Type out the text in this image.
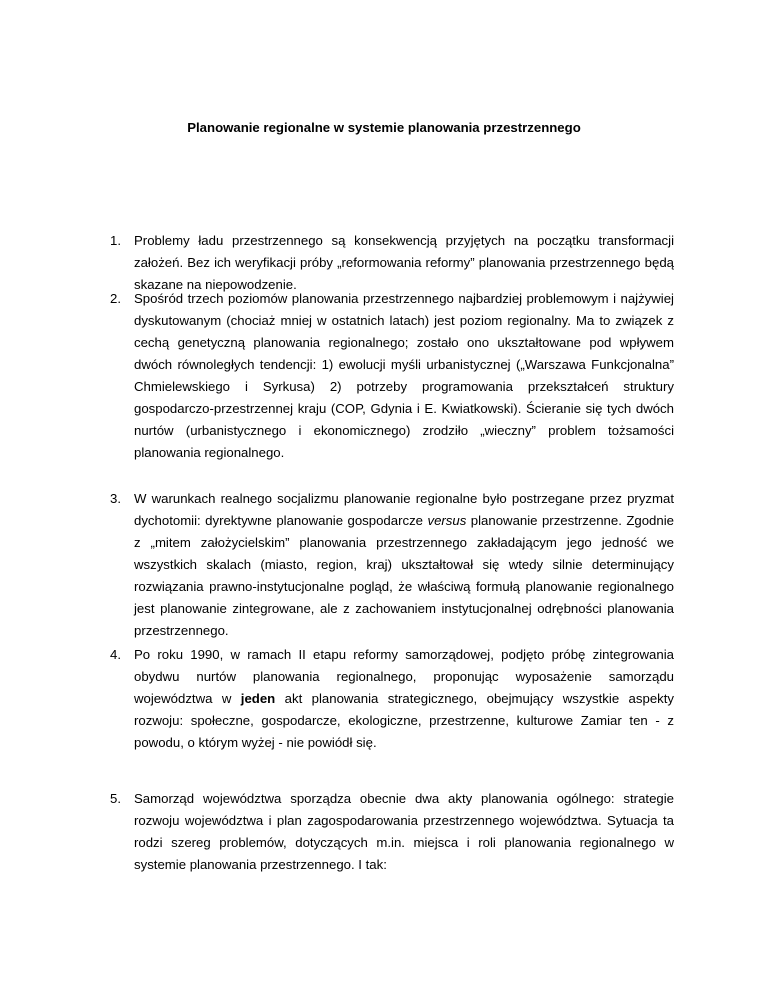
Planowanie regionalne w systemie planowania przestrzennego
1. Problemy ładu przestrzennego są konsekwencją przyjętych na początku transformacji założeń. Bez ich weryfikacji próby „reformowania reformy” planowania przestrzennego będą skazane na niepowodzenie.
2. Spośród trzech poziomów planowania przestrzennego najbardziej problemowym i najżywiej dyskutowanym (chociaż mniej w ostatnich latach) jest poziom regionalny. Ma to związek z cechą genetyczną planowania regionalnego; zostało ono ukształtowane pod wpływem dwóch równoległych tendencji: 1) ewolucji myśli urbanistycznej („Warszawa Funkcjonalna” Chmielewskiego i Syrkusa) 2) potrzeby programowania przekształceń struktury gospodarczo-przestrzennej kraju (COP, Gdynia i E. Kwiatkowski). Ścieranie się tych dwóch nurtów (urbanistycznego i ekonomicznego) zrodziło „wieczny” problem tożsamości planowania regionalnego.
3. W warunkach realnego socjalizmu planowanie regionalne było postrzegane przez pryzmat dychotomii: dyrektywne planowanie gospodarcze versus planowanie przestrzenne. Zgodnie z „mitem założycielskim” planowania przestrzennego zakładającym jego jedność we wszystkich skalach (miasto, region, kraj) ukształtował się wtedy silnie determinujący rozwiązania prawno-instytucjonalne pogląd, że właściwą formułą planowanie regionalnego jest planowanie zintegrowane, ale z zachowaniem instytucjonalnej odrębności planowania przestrzennego.
4. Po roku 1990, w ramach II etapu reformy samorządowej, podjęto próbę zintegrowania obydwu nurtów planowania regionalnego, proponując wyposażenie samorządu województwa w jeden akt planowania strategicznego, obejmujący wszystkie aspekty rozwoju: społeczne, gospodarcze, ekologiczne, przestrzenne, kulturowe Zamiar ten - z powodu, o którym wyżej - nie powiódł się.
5. Samorząd województwa sporządza obecnie dwa akty planowania ogólnego: strategie rozwoju województwa i plan zagospodarowania przestrzennego województwa. Sytuacja ta rodzi szereg problemów, dotyczących m.in. miejsca i roli planowania regionalnego w systemie planowania przestrzennego. I tak:
